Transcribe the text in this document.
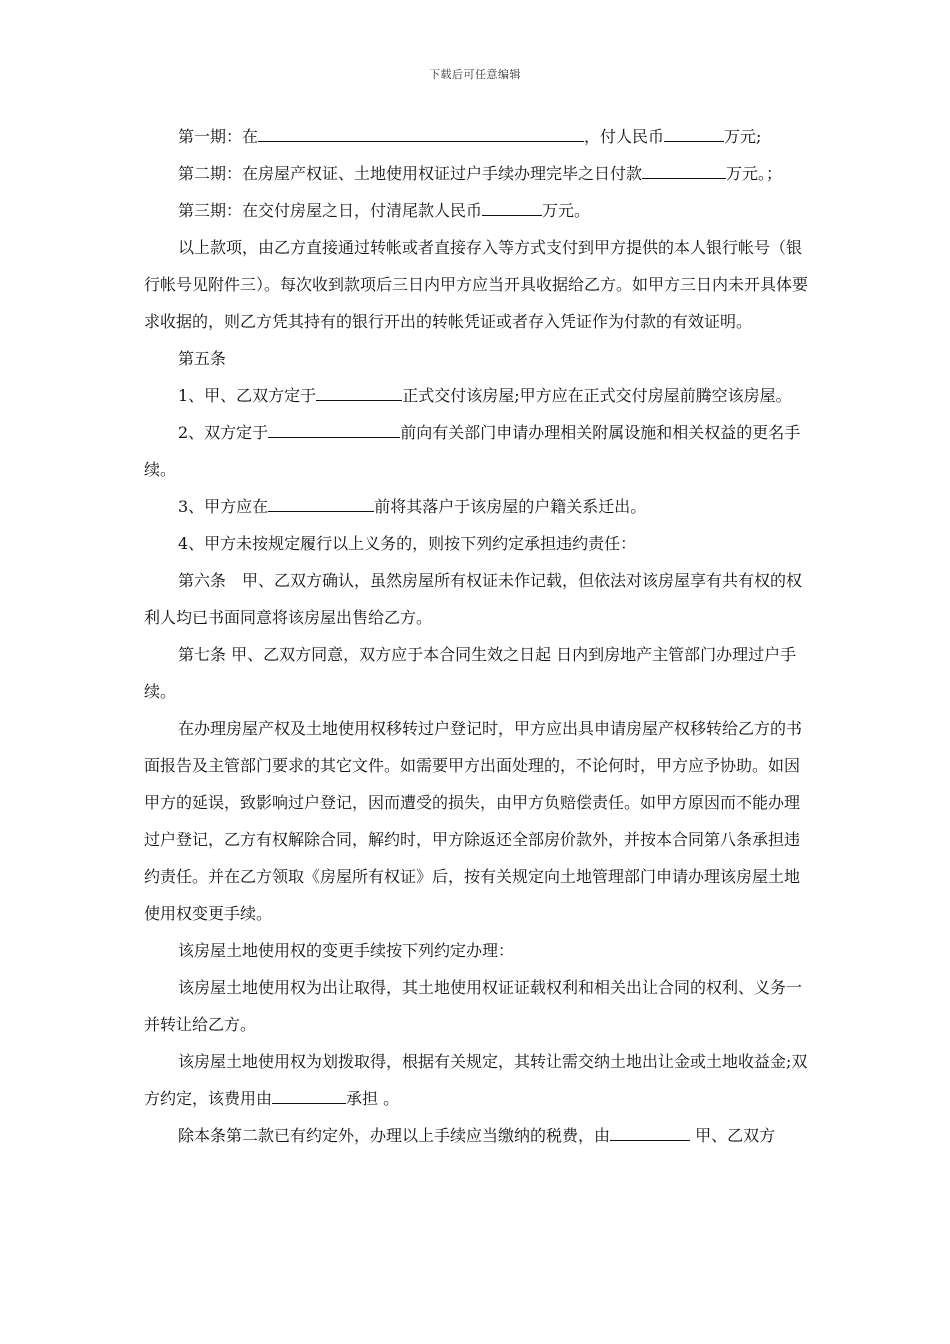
下载后可任意编辑

第一期：在	，付人民币	万元;

第二期：在房屋产权证、土地使用权证过户手续办理完毕之日付款	万元。；

第三期：在交付房屋之日，付清尾款人民币	万元。

以上款项，由乙方直接通过转帐或者直接存入等方式支付到甲方提供的本人银行帐号（银行帐号见附件三）。每次收到款项后三日内甲方应当开具收据给乙方。如甲方三日内未开具体要求收据的，则乙方凭其持有的银行开出的转帐凭证或者存入凭证作为付款的有效证明。

第五条

1、甲、乙双方定于	正式交付该房屋;甲方应在正式交付房屋前腾空该房屋。

2、双方定于	前向有关部门申请办理相关附属设施和相关权益的更名手续。

3、甲方应在	前将其落户于该房屋的户籍关系迁出。

4、甲方未按规定履行以上义务的，则按下列约定承担违约责任：

第六条　甲、乙双方确认，虽然房屋所有权证未作记载，但依法对该房屋享有共有权的权利人均已书面同意将该房屋出售给乙方。

第七条 甲、乙双方同意，双方应于本合同生效之日起 日内到房地产主管部门办理过户手续。

在办理房屋产权及土地使用权移转过户登记时，甲方应出具申请房屋产权移转给乙方的书面报告及主管部门要求的其它文件。如需要甲方出面处理的，不论何时，甲方应予协助。如因甲方的延误，致影响过户登记，因而遭受的损失，由甲方负赔偿责任。如甲方原因而不能办理过户登记，乙方有权解除合同，解约时，甲方除返还全部房价款外，并按本合同第八条承担违约责任。并在乙方领取《房屋所有权证》后，按有关规定向土地管理部门申请办理该房屋土地使用权变更手续。

该房屋土地使用权的变更手续按下列约定办理：

该房屋土地使用权为出让取得，其土地使用权证证载权利和相关出让合同的权利、义务一并转让给乙方。

该房屋土地使用权为划拨取得，根据有关规定，其转让需交纳土地出让金或土地收益金;双方约定，该费用由	承担 。

除本条第二款已有约定外，办理以上手续应当缴纳的税费，由	甲、乙双方
